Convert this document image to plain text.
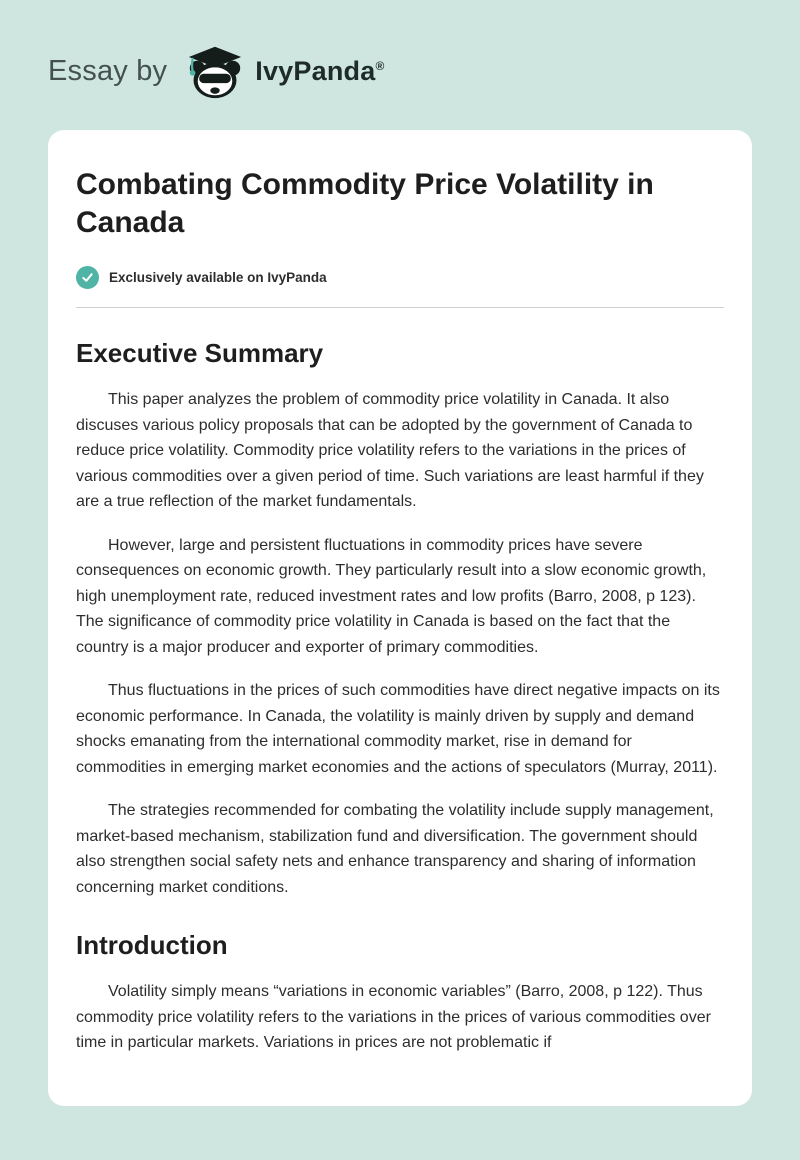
Essay by	IvyPanda®
Combating Commodity Price Volatility in Canada
Exclusively available on IvyPanda
Executive Summary

This paper analyzes the problem of commodity price volatility in Canada. It also discuses various policy proposals that can be adopted by the government of Canada to reduce price volatility. Commodity price volatility refers to the variations in the prices of various commodities over a given period of time. Such variations are least harmful if they are a true reflection of the market fundamentals.

However, large and persistent fluctuations in commodity prices have severe consequences on economic growth. They particularly result into a slow economic growth, high unemployment rate, reduced investment rates and low profits (Barro, 2008, p 123). The significance of commodity price volatility in Canada is based on the fact that the country is a major producer and exporter of primary commodities.

Thus fluctuations in the prices of such commodities have direct negative impacts on its economic performance. In Canada, the volatility is mainly driven by supply and demand shocks emanating from the international commodity market, rise in demand for commodities in emerging market economies and the actions of speculators (Murray, 2011).

The strategies recommended for combating the volatility include supply management, market-based mechanism, stabilization fund and diversification. The government should also strengthen social safety nets and enhance transparency and sharing of information concerning market conditions.

Introduction

Volatility simply means “variations in economic variables” (Barro, 2008, p 122). Thus commodity price volatility refers to the variations in the prices of various commodities over time in particular markets. Variations in prices are not problematic if
